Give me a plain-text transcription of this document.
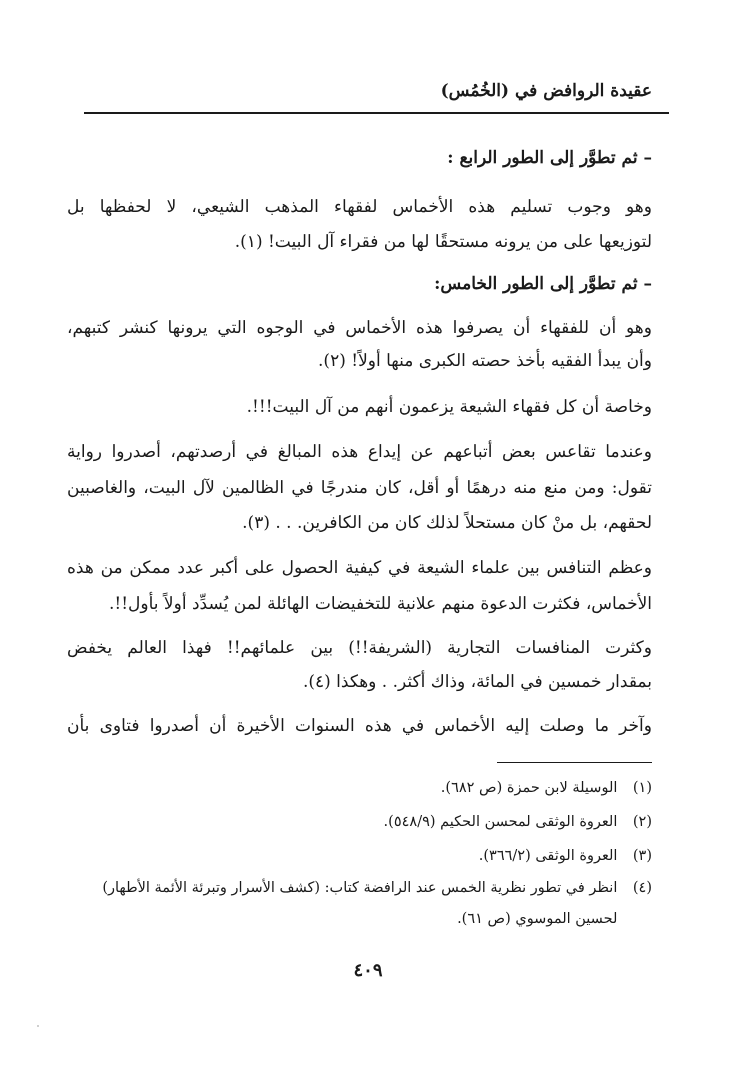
عقيدة الروافض في (الخُمُس)
– ثم تطوَّر إلى الطور الرابع :
وهو وجوب تسليم هذه الأخماس لفقهاء المذهب الشيعي، لا لحفظها بل
لتوزيعها على من يرونه مستحقًا لها من فقراء آل البيت! (١).
– ثم تطوَّر إلى الطور الخامس:
وهو أن للفقهاء أن يصرفوا هذه الأخماس في الوجوه التي يرونها كنشر كتبهم،
وأن يبدأ الفقيه بأخذ حصته الكبرى منها أولاً! (٢).
وخاصة أن كل فقهاء الشيعة يزعمون أنهم من آل البيت!!!.
وعندما تقاعس بعض أتباعهم عن إيداع هذه المبالغ في أرصدتهم، أصدروا رواية
تقول: ومن منع منه درهمًا أو أقل، كان مندرجًا في الظالمين لآل البيت، والغاصبين
لحقهم، بل منْ كان مستحلاً لذلك كان من الكافرين. . . (٣).
وعظم التنافس بين علماء الشيعة في كيفية الحصول على أكبر عدد ممكن من هذه
الأخماس، فكثرت الدعوة منهم علانية للتخفيضات الهائلة لمن يُسدِّد أولاً بأول!!.
وكثرت المنافسات التجارية (الشريفة!!) بين علمائهم!! فهذا العالم يخفض
بمقدار خمسين في المائة، وذاك أكثر. . وهكذا (٤).
وآخر ما وصلت إليه الأخماس في هذه السنوات الأخيرة أن أصدروا فتاوى بأن
(١) الوسيلة لابن حمزة (ص ٦٨٢).
(٢) العروة الوثقى لمحسن الحكيم (٥٤٨/٩).
(٣) العروة الوثقى (٣٦٦/٢).
(٤) انظر في تطور نظرية الخمس عند الرافضة كتاب: (كشف الأسرار وتبرئة الأئمة الأطهار)
لحسين الموسوي (ص ٦١).
٤٠٩
